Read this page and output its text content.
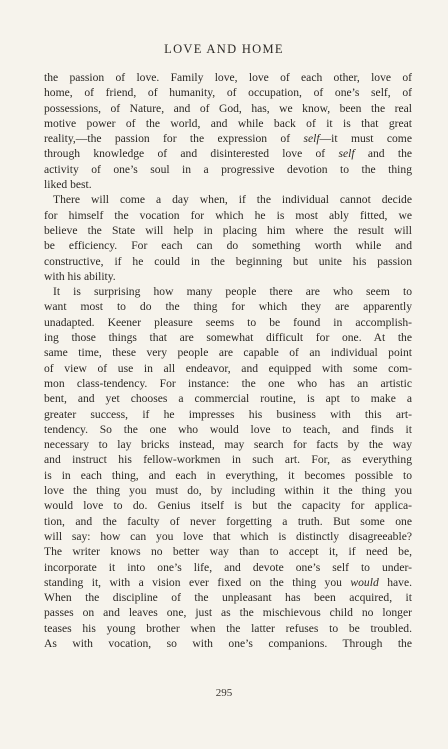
LOVE AND HOME
the passion of love. Family love, love of each other, love of
home, of friend, of humanity, of occupation, of one’s self, of
possessions, of Nature, and of God, has, we know, been the real
motive power of the world, and while back of it is that great
reality,—the passion for the expression of self—it must come
through knowledge of and disinterested love of self and the
activity of one’s soul in a progressive devotion to the thing
liked best.
There will come a day when, if the individual cannot decide
for himself the vocation for which he is most ably fitted, we
believe the State will help in placing him where the result will
be efficiency. For each can do something worth while and
constructive, if he could in the beginning but unite his passion
with his ability.
It is surprising how many people there are who seem to
want most to do the thing for which they are apparently
unadapted. Keener pleasure seems to be found in accomplish-
ing those things that are somewhat difficult for one. At the
same time, these very people are capable of an individual point
of view of use in all endeavor, and equipped with some com-
mon class-tendency. For instance: the one who has an artistic
bent, and yet chooses a commercial routine, is apt to make a
greater success, if he impresses his business with this art-
tendency. So the one who would love to teach, and finds it
necessary to lay bricks instead, may search for facts by the way
and instruct his fellow-workmen in such art. For, as everything
is in each thing, and each in everything, it becomes possible to
love the thing you must do, by including within it the thing you
would love to do. Genius itself is but the capacity for applica-
tion, and the faculty of never forgetting a truth. But some one
will say: how can you love that which is distinctly disagreeable?
The writer knows no better way than to accept it, if need be,
incorporate it into one’s life, and devote one’s self to under-
standing it, with a vision ever fixed on the thing you would have.
When the discipline of the unpleasant has been acquired, it
passes on and leaves one, just as the mischievous child no longer
teases his young brother when the latter refuses to be troubled.
As with vocation, so with one’s companions. Through the
295
